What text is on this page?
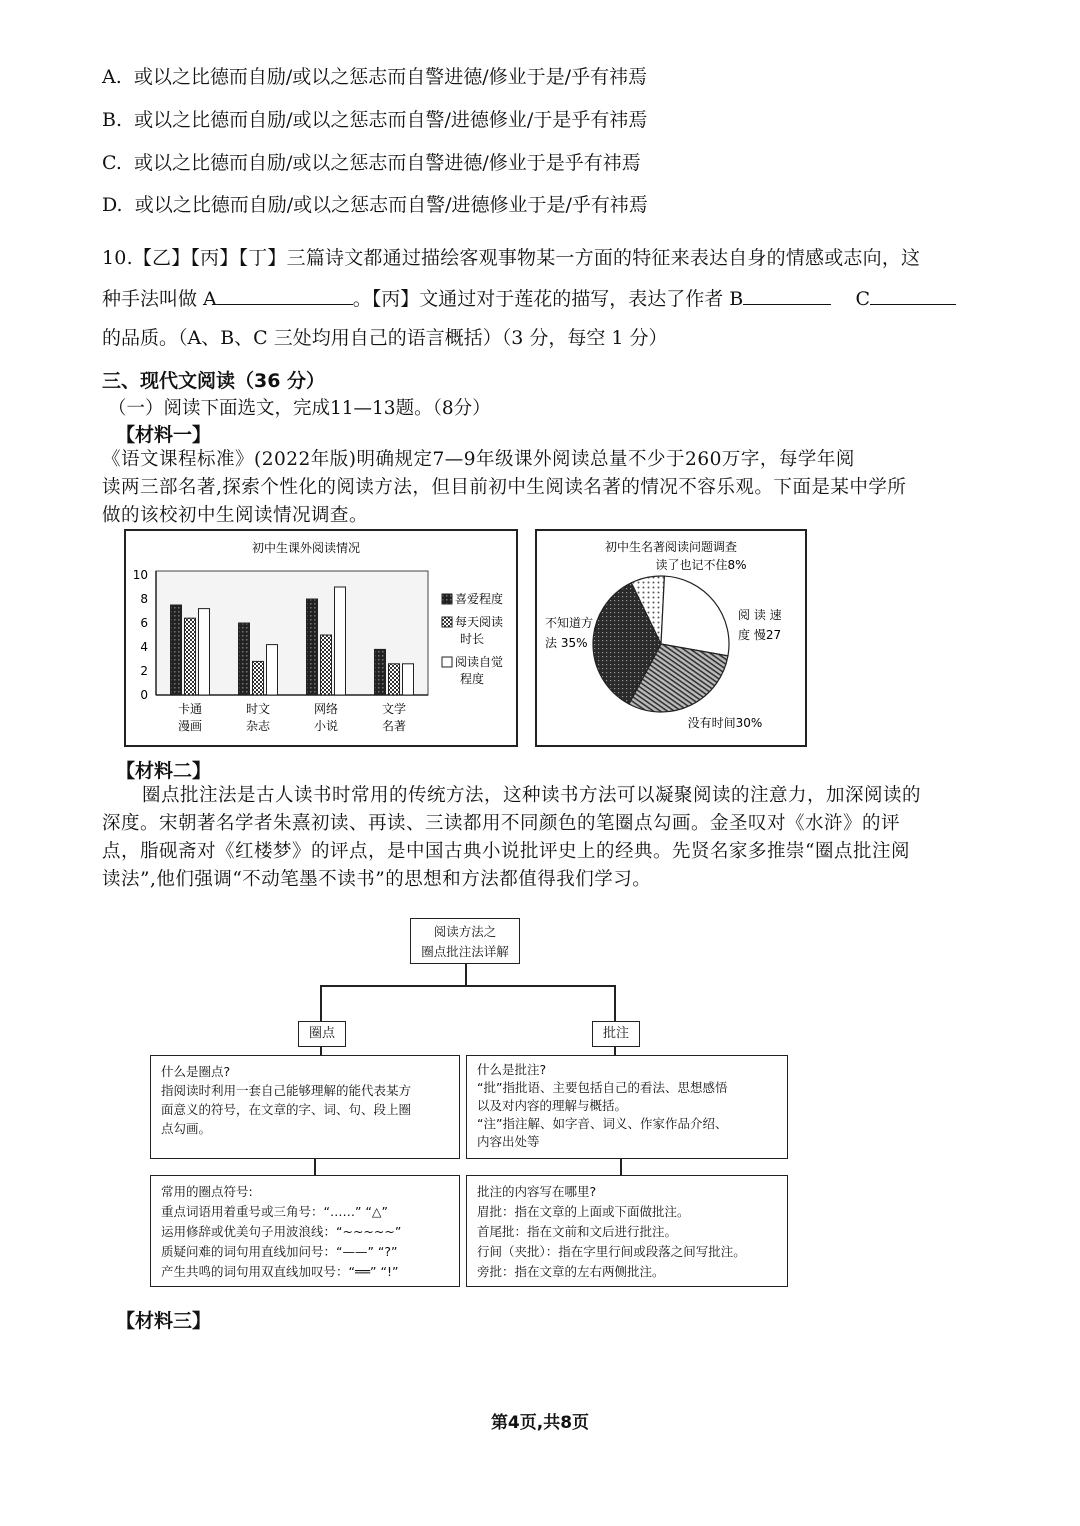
A. 或以之比德而自励/或以之惩志而自警进德/修业于是/乎有祎焉
B. 或以之比德而自励/或以之惩志而自警/进德修业/于是乎有祎焉
C. 或以之比德而自励/或以之惩志而自警进德/修业于是乎有祎焉
D. 或以之比德而自励/或以之惩志而自警/进德修业于是/乎有祎焉
10.【乙】【丙】【丁】三篇诗文都通过描绘客观事物某一方面的特征来表达自身的情感或志向，这
种手法叫做 A	。【丙】文通过对于莲花的描写，表达了作者 B	C
的品质。（A、B、C 三处均用自己的语言概括）（3 分，每空 1 分）
三、现代文阅读（36 分）
（一）阅读下面选文，完成11—13题。（8分）
【材料一】
《语文课程标准》(2022年版)明确规定7—9年级课外阅读总量不少于260万字，每学年阅
读两三部名著,探索个性化的阅读方法，但目前初中生阅读名著的情况不容乐观。下面是某中学所
做的该校初中生阅读情况调查。
初中生课外阅读情况
0
2
4
6
8
10
卡通
漫画
时文
杂志
网络
小说
文学
名著
喜爱程度
每天阅读
时长
阅读自觉
程度
初中生名著阅读问题调查
读了也记不住8%
阅 读 速
度 慢27
没有时间30%
不知道方
法 35%
【材料二】
圈点批注法是古人读书时常用的传统方法，这种读书方法可以凝聚阅读的注意力，加深阅读的
深度。宋朝著名学者朱熹初读、再读、三读都用不同颜色的笔圈点勾画。金圣叹对《水浒》的评
点，脂砚斋对《红楼梦》的评点，是中国古典小说批评史上的经典。先贤名家多推崇“圈点批注阅
读法”,他们强调“不动笔墨不读书”的思想和方法都值得我们学习。
阅读方法之
圈点批注法详解
圈点	批注
什么是圈点?
指阅读时利用一套自己能够理解的能代表某方
面意义的符号，在文章的字、词、句、段上圈
点勾画。
什么是批注?
“批”指批语、主要包括自己的看法、思想感悟
以及对内容的理解与概括。
“注”指注解、如字音、词义、作家作品介绍、
内容出处等
常用的圈点符号:
重点词语用着重号或三角号：“……” “△”
运用修辞或优美句子用波浪线：“~~~~~”
质疑问难的词句用直线加问号：“——” “?”
产生共鸣的词句用双直线加叹号：“══” “!”
批注的内容写在哪里?
眉批：指在文章的上面或下面做批注。
首尾批：指在文前和文后进行批注。
行间（夹批）：指在字里行间或段落之间写批注。
旁批：指在文章的左右两侧批注。
【材料三】
第4页,共8页
